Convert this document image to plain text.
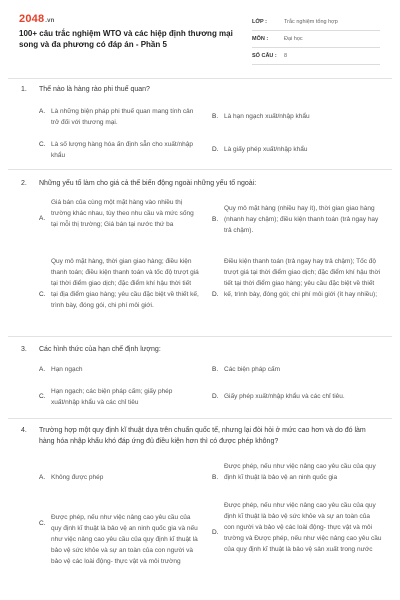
2048.vn
100+ câu trắc nghiệm WTO và các hiệp định thương mại song và đa phương có đáp án - Phần 5
LỚP :	Trắc nghiệm tổng hợp
MÔN :	Đại học
SỐ CÂU :	8
1. Thế nào là hàng rào phi thuế quan?
A. Là những biện pháp phi thuế quan mang tính cản trở đối với thương mại.
B. Là hạn ngạch xuất/nhập khẩu
C. Là số lượng hàng hóa ấn định sẵn cho xuất/nhập khẩu
D. Là giấy phép xuất/nhập khẩu
2. Những yếu tố làm cho giá cả thế biến động ngoài những yếu tố ngoài:
A.
Giá bán của cùng một mặt hàng vào nhiều thị trường khác nhau, tùy theo nhu cầu và mức sống tại mỗi thị trường; Giá bán tại nước thứ ba
B.
Quy mô mặt hàng (nhiều hay ít), thời gian giao hàng (nhanh hay chậm); điều kiện thanh toán (trả ngay hay trả chậm).
C.
Quy mô mặt hàng, thời gian giao hàng; điều kiện thanh toán; điều kiện thanh toán và tốc độ trượt giá tại thời điểm giao dịch; đặc điểm khí hậu thời tiết tại địa điểm giao hàng; yêu cầu đặc biệt về thiết kế, trình bày, đóng gói, chi phí môi giới.
D.
Điều kiện thanh toán (trả ngay hay trả chậm); Tốc độ trượt giá tại thời điểm giao dịch; đặc điểm khí hậu thời tiết tại thời điểm giao hàng; yêu cầu đặc biệt về thiết kế, trình bày, đóng gói; chi phí môi giới (ít hay nhiều);
3. Các hình thức của hạn chế định lượng:
A. Hạn ngạch	B. Các biện pháp cấm
C.
Hạn ngạch; các biện pháp cấm; giấy phép xuất/nhập khẩu và các chỉ tiêu
D. Giấy phép xuất/nhập khẩu và các chỉ tiêu.
4. Trường hợp một quy định kĩ thuật dựa trên chuẩn quốc tế, nhưng lại đòi hỏi ở mức cao hơn và do đó làm hàng hóa nhập khẩu khó đáp ứng đủ điều kiện hơn thì có được phép không?
A. Không được phép	B.
Được phép, nếu như việc nâng cao yêu cầu của quy định kĩ thuật là bảo vệ an ninh quốc gia
C.
Được phép, nếu như việc nâng cao yêu cầu của quy định kĩ thuật là bảo vệ an ninh quốc gia và nếu như việc nâng cao yêu cầu của quy định kĩ thuật là bảo vệ sức khỏe và sự an toàn của con người và bảo vệ các loài động- thực vật và môi trường
D.
Được phép, nếu như việc nâng cao yêu cầu của quy định kĩ thuật là bảo vệ sức khỏe và sự an toàn của con người và bảo vệ các loài động- thực vật và môi trường và Được phép, nếu như việc nâng cao yêu cầu của quy định kĩ thuật là bảo vệ sản xuất trong nước
